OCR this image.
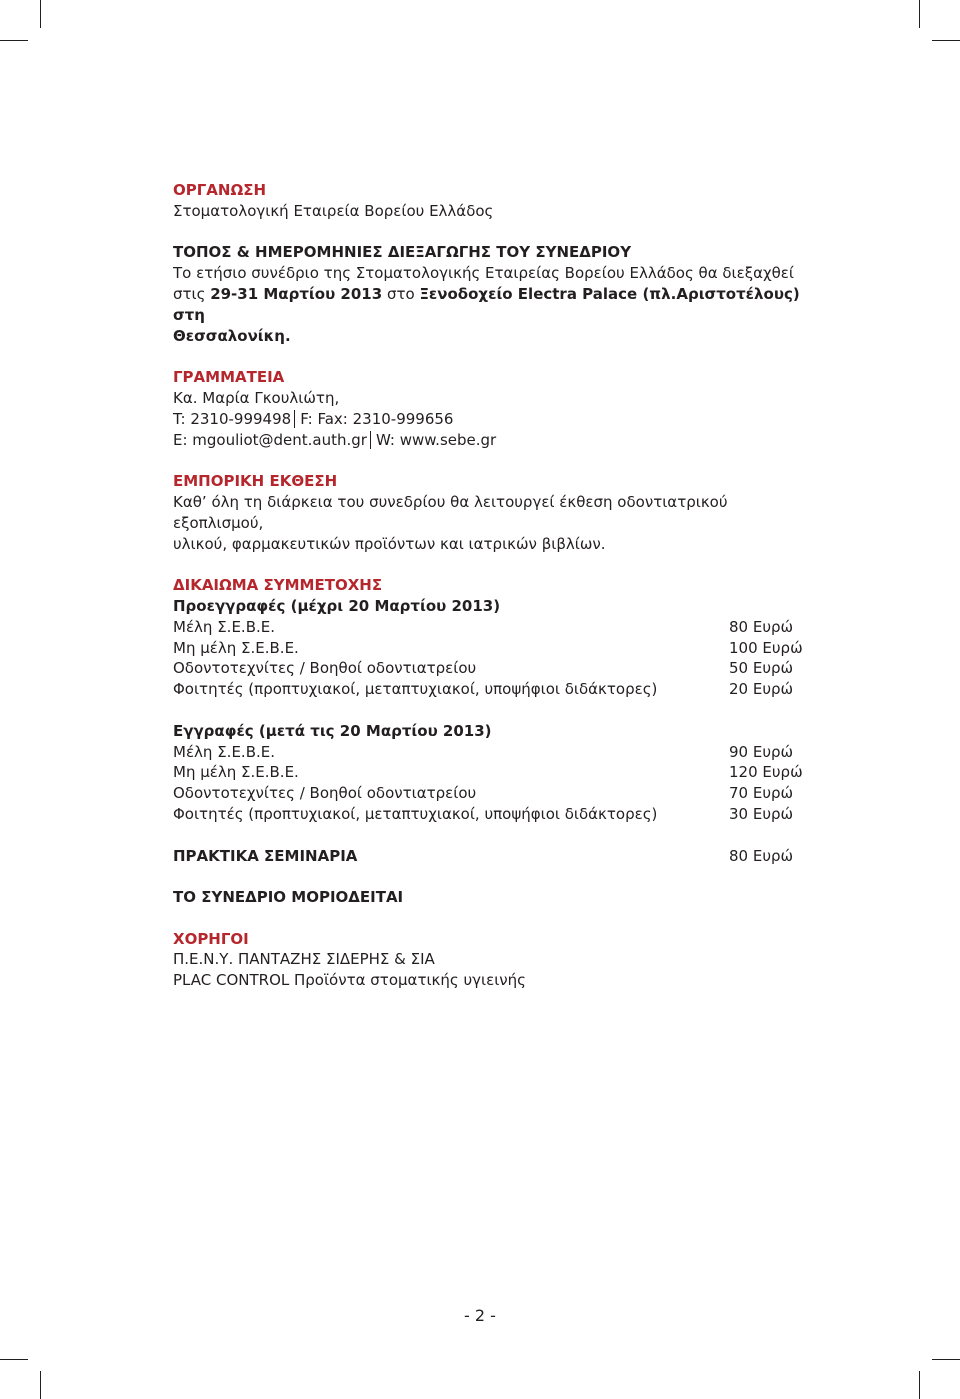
ΟΡΓΑΝΩΣΗ
Στοματολογική Εταιρεία Βορείου Ελλάδος
ΤΟΠΟΣ & ΗΜΕΡΟΜΗΝΙΕΣ ΔΙΕΞΑΓΩΓΗΣ ΤΟΥ ΣΥΝΕΔΡΙΟΥ
Το ετήσιο συνέδριο της Στοματολογικής Εταιρείας Βορείου Ελλάδος θα διεξαχθεί
στις 29-31 Μαρτίου 2013 στο Ξενοδοχείο Electra Palace (πλ.Αριστοτέλους) στη
Θεσσαλονίκη.
ΓΡΑΜΜΑΤΕΙΑ
Κα. Μαρία Γκουλιώτη,
T: 2310-999498 F: Fax: 2310-999656
E: mgouliot@dent.auth.gr W: www.sebe.gr
ΕΜΠΟΡΙΚΗ ΕΚΘΕΣΗ
Καθ’ όλη τη διάρκεια του συνεδρίου θα λειτουργεί έκθεση οδοντιατρικού εξοπλισμού,
υλικού, φαρμακευτικών προϊόντων και ιατρικών βιβλίων.
ΔΙΚΑΙΩΜΑ ΣΥΜΜΕΤΟΧΗΣ
Προεγγραφές (μέχρι 20 Μαρτίου 2013)
Μέλη Σ.Ε.Β.Ε.	80 Ευρώ
Μη μέλη Σ.Ε.Β.Ε.	100 Ευρώ
Οδοντοτεχνίτες / Βοηθοί οδοντιατρείου	50 Ευρώ
Φοιτητές (προπτυχιακοί, μεταπτυχιακοί, υποψήφιοι διδάκτορες)	20 Ευρώ
Εγγραφές (μετά τις 20 Μαρτίου 2013)
Μέλη Σ.Ε.Β.Ε.	90 Ευρώ
Μη μέλη Σ.Ε.Β.Ε.	120 Ευρώ
Οδοντοτεχνίτες / Βοηθοί οδοντιατρείου	70 Ευρώ
Φοιτητές (προπτυχιακοί, μεταπτυχιακοί, υποψήφιοι διδάκτορες)	30 Ευρώ
ΠΡΑΚΤΙΚΑ ΣΕΜΙΝΑΡΙΑ	80 Ευρώ
ΤΟ ΣΥΝΕΔΡΙΟ ΜΟΡΙΟΔΕΙΤΑΙ
ΧΟΡΗΓΟΙ
Π.Ε.Ν.Υ. ΠΑΝΤΑΖΗΣ ΣΙΔΕΡΗΣ & ΣΙΑ
PLAC CONTROL Προϊόντα στοματικής υγιεινής
- 2 -
